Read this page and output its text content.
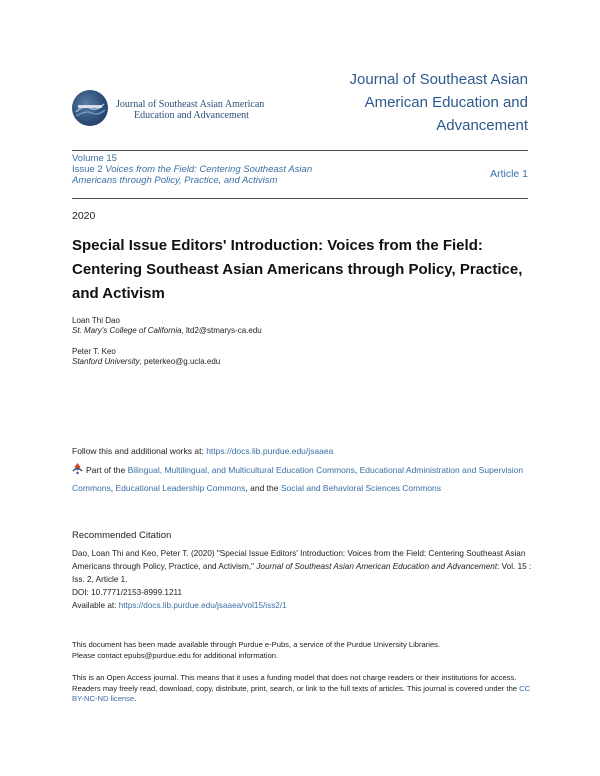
Journal of Southeast Asian American
Education and Advancement
Journal of Southeast Asian American Education and Advancement
Volume 15
Issue 2 Voices from the Field: Centering Southeast Asian Americans through Policy, Practice, and Activism
Article 1
2020
Special Issue Editors' Introduction: Voices from the Field: Centering Southeast Asian Americans through Policy, Practice, and Activism
Loan Thi Dao
St. Mary's College of California, ltd2@stmarys-ca.edu
Peter T. Keo
Stanford University, peterkeo@g.ucla.edu
Follow this and additional works at: https://docs.lib.purdue.edu/jsaaea
Part of the Bilingual, Multilingual, and Multicultural Education Commons, Educational Administration and Supervision Commons, Educational Leadership Commons, and the Social and Behavioral Sciences Commons
Recommended Citation
Dao, Loan Thi and Keo, Peter T. (2020) "Special Issue Editors' Introduction: Voices from the Field: Centering Southeast Asian Americans through Policy, Practice, and Activism," Journal of Southeast Asian American Education and Advancement: Vol. 15 : Iss. 2, Article 1.
DOI: 10.7771/2153-8999.1211
Available at: https://docs.lib.purdue.edu/jsaaea/vol15/iss2/1
This document has been made available through Purdue e-Pubs, a service of the Purdue University Libraries.
Please contact epubs@purdue.edu for additional information.
This is an Open Access journal. This means that it uses a funding model that does not charge readers or their institutions for access. Readers may freely read, download, copy, distribute, print, search, or link to the full texts of articles. This journal is covered under the CC BY-NC-ND license.
